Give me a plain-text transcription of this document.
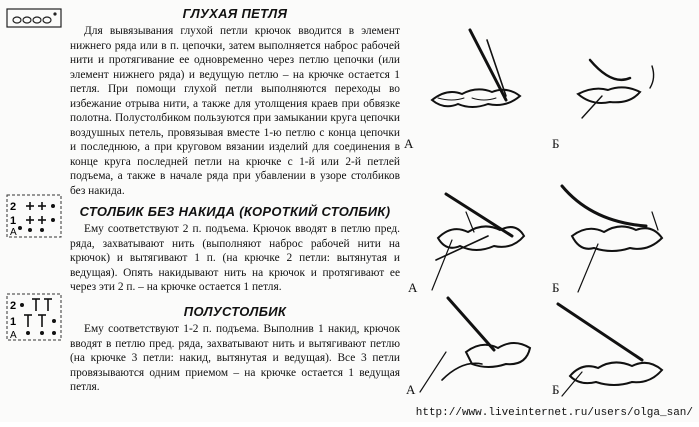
2
1
A
2
1
A
ГЛУХАЯ ПЕТЛЯ

Для вывязывания глухой петли крючок вводится в элемент нижнего ряда или в п. цепочки, затем выполняется наброс рабочей нити и протягивание ее одновременно через петлю цепочки (или элемент нижнего ряда) и ведущую петлю – на крючке остается 1 петля. При помощи глухой петли выполняются переходы во избежание отрыва нити, а также для утолщения краев при обвязке полотна. Полустолбиком пользуются при замыкании круга цепочки воздушных петель, провязывая вместе 1-ю петлю с конца цепочки и последнюю, а при круговом вязании изделий для соединения в конце круга последней петли на крючке с 1-й или 2-й петлей подъема, а также в начале ряда при убавлении в узоре столбиков без накида.

СТОЛБИК БЕЗ НАКИДА (КОРОТКИЙ СТОЛБИК)

Ему соответствуют 2 п. подъема. Крючок вводят в петлю пред. ряда, захватывают нить (выполняют наброс рабочей нити на крючок) и вытягивают 1 п. (на крючке 2 петли: вытянутая и ведущая). Опять накидывают нить на крючок и протягивают ее через эти 2 п. – на крючке остается 1 петля.

ПОЛУСТОЛБИК

Ему соответствуют 1-2 п. подъема. Выполнив 1 накид, крючок вводят в петлю пред. ряда, захватывают нить и вытягивают петлю (на крючке 3 петли: накид, вытянутая и ведущая). Все 3 петли провязываются одним приемом – на крючке остается 1 ведущая петля.

А	Б
А	Б
А	Б
http://www.liveinternet.ru/users/olga_san/
